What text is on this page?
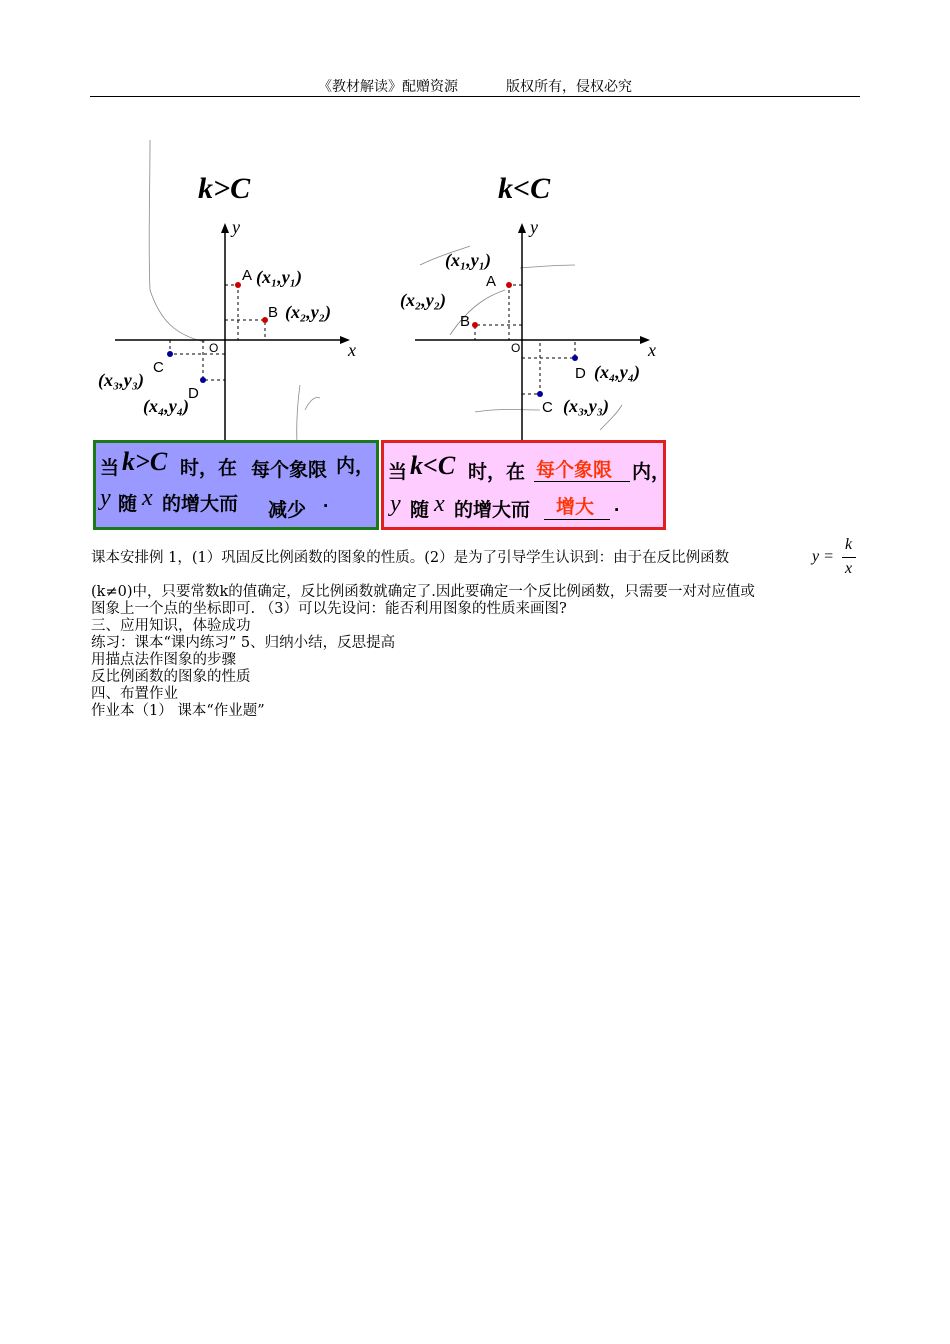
《教材解读》配赠资源	版权所有，侵权必究
k>C
y
x
O
A (x₁,y₁)
B (x₂,y₂)
C
(x₃,y₃)
D
(x₄,y₄)
k<C
y
x
O
A
(x₁,y₁)
B
(x₂,y₂)
D (x₄,y₄)
C (x₃,y₃)
当 k>C 时，在 每个象限 内，
y 随 x 的增大而 减少 .
当 k<C 时，在 每个象限 内，
y 随 x 的增大而 增大 .

课本安排例 1，(1）巩固反比例函数的图象的性质。(2）是为了引导学生认识到：由于在反比例函数	y =
k
x

(k≠0)中，只要常数k的值确定，反比例函数就确定了.因此要确定一个反比例函数，只需要一对对应值或

图象上一个点的坐标即可. （3）可以先设问：能否利用图象的性质来画图?

三、应用知识，体验成功

练习：课本“课内练习” 5、归纳小结，反思提高

用描点法作图象的步骤

反比例函数的图象的性质

四、布置作业

作业本（1） 课本“作业题”
